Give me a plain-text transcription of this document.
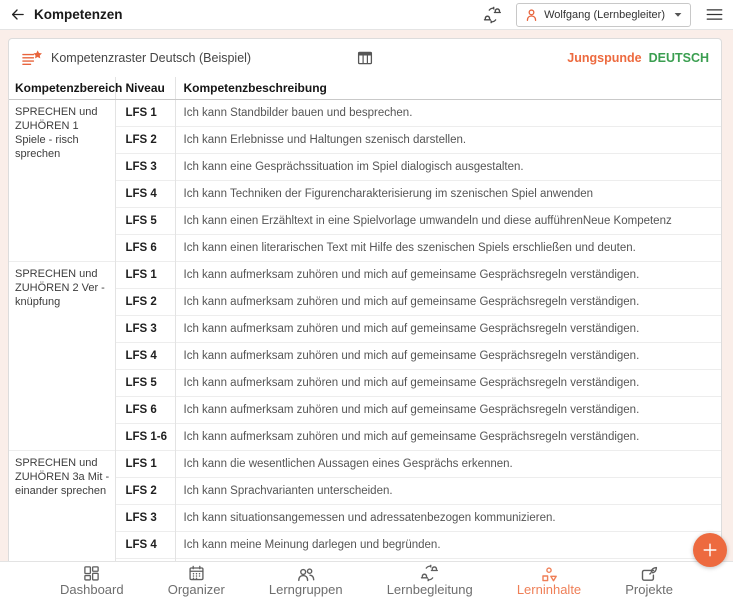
Kompetenzen	Wolfgang (Lernbegleiter)
Kompetenzraster Deutsch (Beispiel)	Jungspunde DEUTSCH
Kompetenzbereich	Niveau	Kompetenzbeschreibung
SPRECHEN und ZUHÖREN 1 Spiele - risch sprechen	LFS 1	Ich kann Standbilder bauen und besprechen.
	LFS 2	Ich kann Erlebnisse und Haltungen szenisch darstellen.
	LFS 3	Ich kann eine Gesprächssituation im Spiel dialogisch ausgestalten.
	LFS 4	Ich kann Techniken der Figurencharakterisierung im szenischen Spiel anwenden
	LFS 5	Ich kann einen Erzähltext in eine Spielvorlage umwandeln und diese aufführenNeue Kompetenz
	LFS 6	Ich kann einen literarischen Text mit Hilfe des szenischen Spiels erschließen und deuten.
SPRECHEN und ZUHÖREN 2 Ver - knüpfung	LFS 1	Ich kann aufmerksam zuhören und mich auf gemeinsame Gesprächsregeln verständigen.
	LFS 2	Ich kann aufmerksam zuhören und mich auf gemeinsame Gesprächsregeln verständigen.
	LFS 3	Ich kann aufmerksam zuhören und mich auf gemeinsame Gesprächsregeln verständigen.
	LFS 4	Ich kann aufmerksam zuhören und mich auf gemeinsame Gesprächsregeln verständigen.
	LFS 5	Ich kann aufmerksam zuhören und mich auf gemeinsame Gesprächsregeln verständigen.
	LFS 6	Ich kann aufmerksam zuhören und mich auf gemeinsame Gesprächsregeln verständigen.
	LFS 1-6	Ich kann aufmerksam zuhören und mich auf gemeinsame Gesprächsregeln verständigen.
SPRECHEN und ZUHÖREN 3a Mit - einander sprechen	LFS 1	Ich kann die wesentlichen Aussagen eines Gesprächs erkennen.
	LFS 2	Ich kann Sprachvarianten unterscheiden.
	LFS 3	Ich kann situationsangemessen und adressatenbezogen kommunizieren.
	LFS 4	Ich kann meine Meinung darlegen und begründen.

Dashboard	Organizer	Lerngruppen	Lernbegleitung	Lerninhalte	Projekte
